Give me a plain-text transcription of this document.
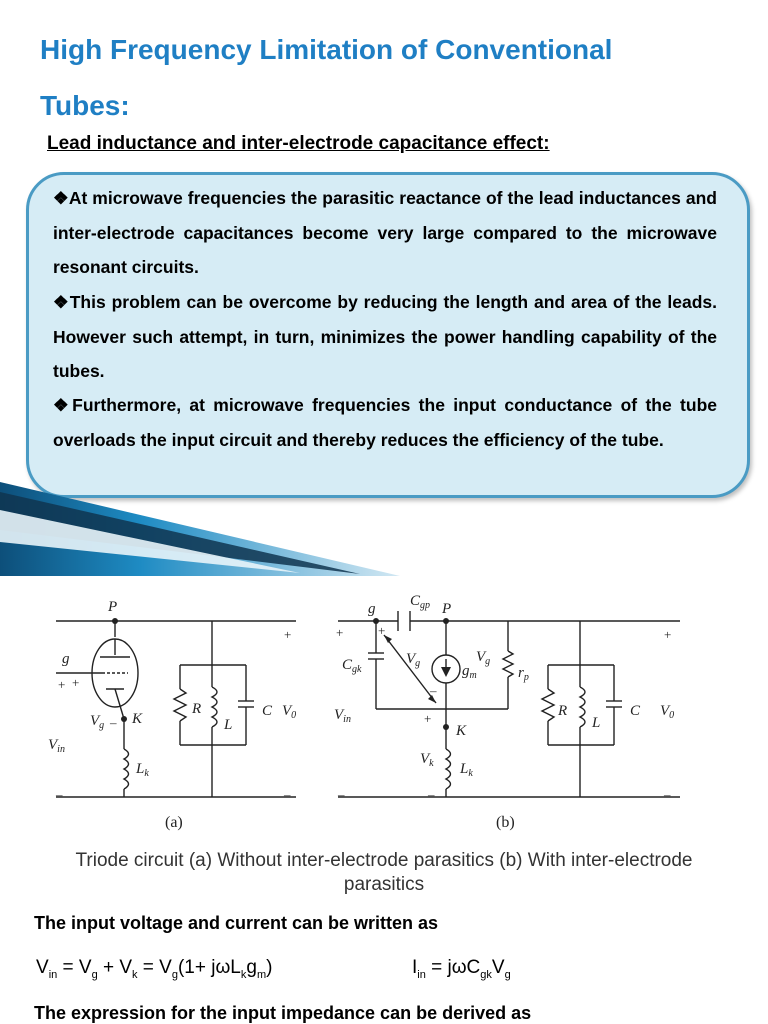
High Frequency Limitation of Conventional
Tubes:
Lead inductance and inter-electrode capacitance effect:

❖At microwave frequencies the parasitic reactance of the lead inductances and inter-electrode capacitances become very large compared to the microwave resonant circuits.

❖This problem can be overcome by reducing the length and area of the leads. However such attempt, in turn, minimizes the power handling capability of the tubes.

❖Furthermore, at microwave frequencies the input conductance of the tube overloads the input circuit and thereby reduces the efficiency of the tube.

P
g
$V_g$ K
$L_k$
R
L
C $V_0$
$V_{in}$
+ +
–
+
–	–
(a)
g $C_{gp}$ P
$C_{gk}$
$V_g$	$g_m$
$V_g$
$r_p$
$V_{in}$
K
$V_k$ $L_k$
R
L
C $V_0$
+	+
–
+
+
–	–	–
(b)
Triode circuit (a) Without inter-electrode parasitics (b) With inter-electrode
parasitics

The input voltage and current can be written as

$V_{in} = V_g + V_k = V_g(1+ j\omega L_kg_m)$	$I_{in} = j\omega C_{gk}V_g$

The expression for the input impedance can be derived as
